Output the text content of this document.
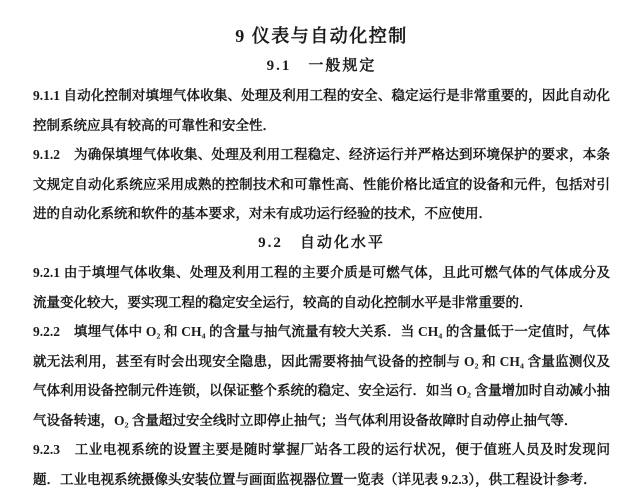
9 仪表与自动化控制
9.1　一般规定
9.1.1 自动化控制对填埋气体收集、处理及利用工程的安全、稳定运行是非常重要的，因此自动化
控制系统应具有较高的可靠性和安全性．
9.1.2　为确保填埋气体收集、处理及利用工程稳定、经济运行并严格达到环境保护的要求，本条
文规定自动化系统应采用成熟的控制技术和可靠性高、性能价格比适宜的设备和元件，包括对引
进的自动化系统和软件的基本要求，对未有成功运行经验的技术，不应使用．
9.2　自动化水平
9.2.1 由于填埋气体收集、处理及利用工程的主要介质是可燃气体，且此可燃气体的气体成分及
流量变化较大，要实现工程的稳定安全运行，较高的自动化控制水平是非常重要的．
9.2.2　填埋气体中 O₂ 和 CH₄ 的含量与抽气流量有较大关系．当 CH₄ 的含量低于一定值时，气体
就无法利用，甚至有时会出现安全隐患，因此需要将抽气设备的控制与 O₂ 和 CH₄ 含量监测仪及
气体利用设备控制元件连锁，以保证整个系统的稳定、安全运行．如当 O₂ 含量增加时自动减小抽
气设备转速，O₂ 含量超过安全线时立即停止抽气；当气体利用设备故障时自动停止抽气等．
9.2.3　工业电视系统的设置主要是随时掌握厂站各工段的运行状况，便于值班人员及时发现问
题．工业电视系统摄像头安装位置与画面监视器位置一览表（详见表 9.2.3），供工程设计参考．
